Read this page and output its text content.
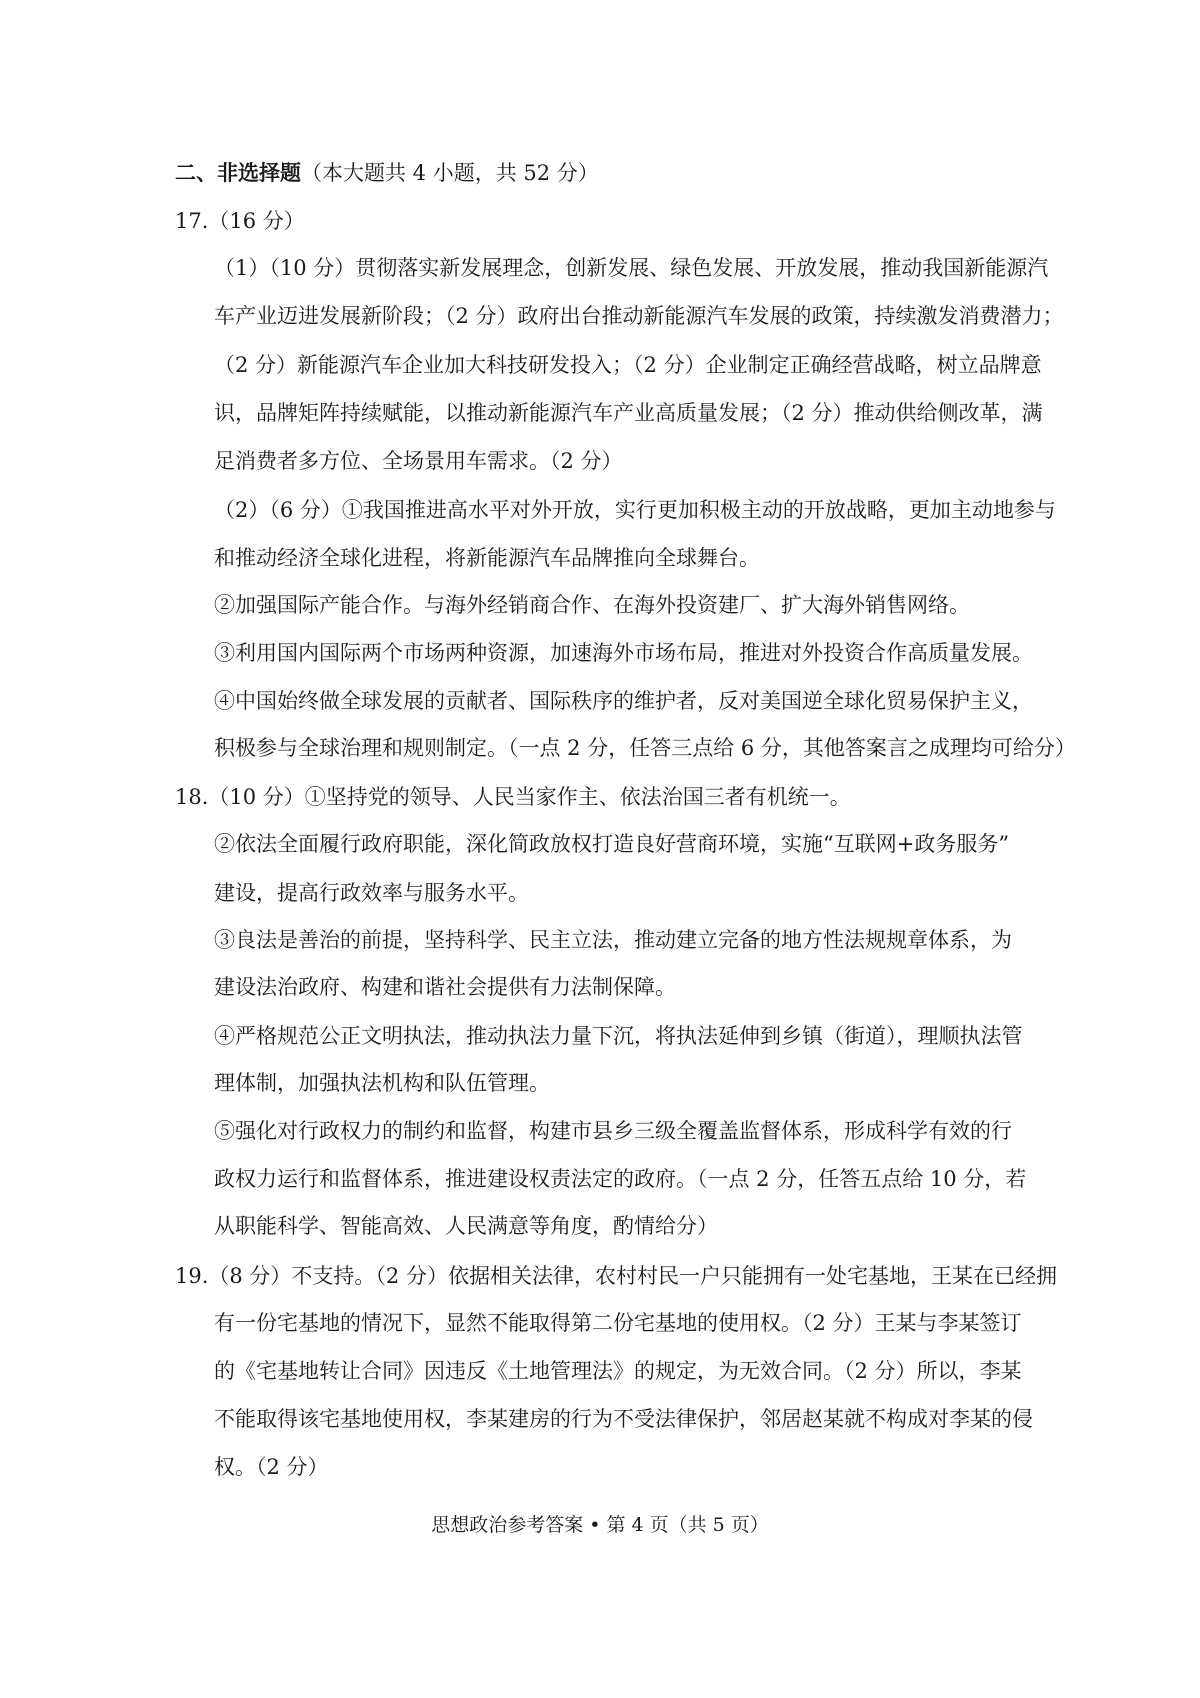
二、非选择题（本大题共 4 小题，共 52 分）
17.（16 分）
（1）（10 分）贯彻落实新发展理念，创新发展、绿色发展、开放发展，推动我国新能源汽
车产业迈进发展新阶段；（2 分）政府出台推动新能源汽车发展的政策，持续激发消费潜力；
（2 分）新能源汽车企业加大科技研发投入；（2 分）企业制定正确经营战略，树立品牌意
识，品牌矩阵持续赋能，以推动新能源汽车产业高质量发展；（2 分）推动供给侧改革，满
足消费者多方位、全场景用车需求。（2 分）
（2）（6 分）①我国推进高水平对外开放，实行更加积极主动的开放战略，更加主动地参与
和推动经济全球化进程，将新能源汽车品牌推向全球舞台。
②加强国际产能合作。与海外经销商合作、在海外投资建厂、扩大海外销售网络。
③利用国内国际两个市场两种资源，加速海外市场布局，推进对外投资合作高质量发展。
④中国始终做全球发展的贡献者、国际秩序的维护者，反对美国逆全球化贸易保护主义，
积极参与全球治理和规则制定。（一点 2 分，任答三点给 6 分，其他答案言之成理均可给分）
18.（10 分）①坚持党的领导、人民当家作主、依法治国三者有机统一。
②依法全面履行政府职能，深化简政放权打造良好营商环境，实施“互联网+政务服务”
建设，提高行政效率与服务水平。
③良法是善治的前提，坚持科学、民主立法，推动建立完备的地方性法规规章体系，为
建设法治政府、构建和谐社会提供有力法制保障。
④严格规范公正文明执法，推动执法力量下沉，将执法延伸到乡镇（街道），理顺执法管
理体制，加强执法机构和队伍管理。
⑤强化对行政权力的制约和监督，构建市县乡三级全覆盖监督体系，形成科学有效的行
政权力运行和监督体系，推进建设权责法定的政府。（一点 2 分，任答五点给 10 分，若
从职能科学、智能高效、人民满意等角度，酌情给分）
19.（8 分）不支持。（2 分）依据相关法律，农村村民一户只能拥有一处宅基地，王某在已经拥
有一份宅基地的情况下，显然不能取得第二份宅基地的使用权。（2 分）王某与李某签订
的《宅基地转让合同》因违反《土地管理法》的规定，为无效合同。（2 分）所以，李某
不能取得该宅基地使用权，李某建房的行为不受法律保护，邻居赵某就不构成对李某的侵
权。（2 分）
思想政治参考答案 • 第 4 页（共 5 页）
